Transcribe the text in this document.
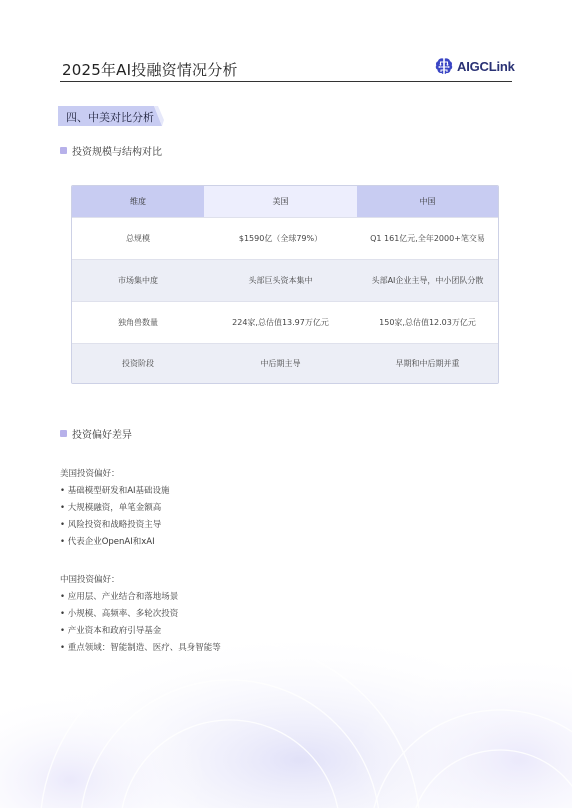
2025年AI投融资情况分析	AIGCLink
四、中美对比分析
投资规模与结构对比
维度	美国	中国
总规模	$1590亿（全球79%）	Q1 161亿元,全年2000+笔交易
市场集中度	头部巨头资本集中	头部AI企业主导，中小团队分散
独角兽数量	224家,总估值13.97万亿元	150家,总估值12.03万亿元
投资阶段	中后期主导	早期和中后期并重
投资偏好差异
美国投资偏好：
• 基础模型研发和AI基础设施
• 大规模融资，单笔金额高
• 风险投资和战略投资主导
• 代表企业OpenAI和xAI
中国投资偏好：
• 应用层、产业结合和落地场景
• 小规模、高频率、多轮次投资
• 产业资本和政府引导基金
• 重点领域：智能制造、医疗、具身智能等
